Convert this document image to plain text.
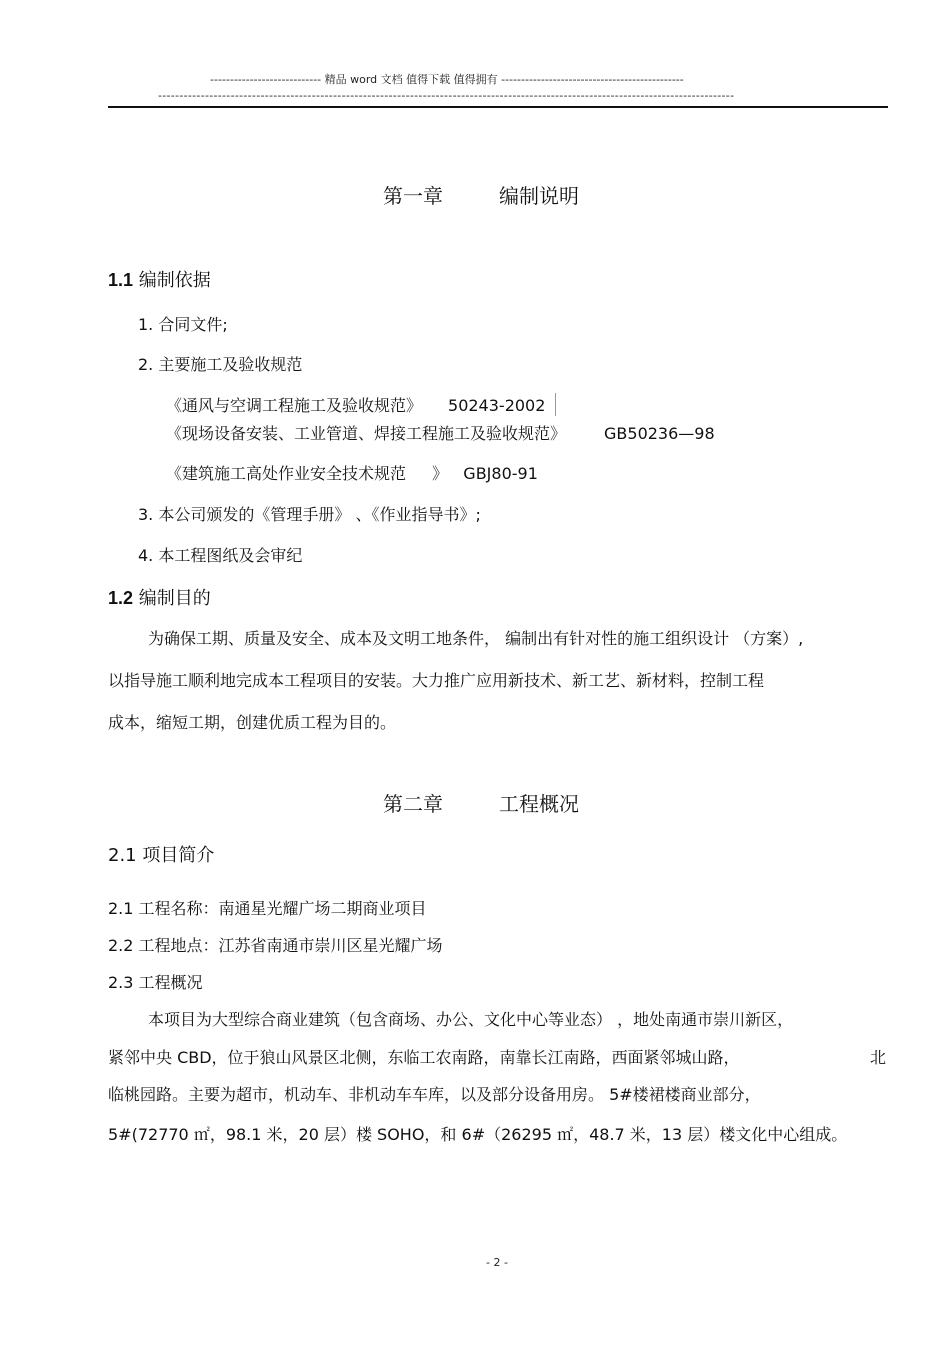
---------------------------- 精品 word 文档 值得下载 值得拥有 ----------------------------------------------
---------------------------------------------------------------------------------------------------------------------------------------
第一章	编制说明
1.1 编制依据
1. 合同文件;
2. 主要施工及验收规范
《通风与空调工程施工及验收规范》 50243-2002
《现场设备安装、工业管道、焊接工程施工及验收规范》 GB50236—98
《建筑施工高处作业安全技术规范 》 GBJ80-91
3. 本公司颁发的《管理手册》 、《作业指导书》;
4. 本工程图纸及会审纪
1.2 编制目的
为确保工期、质量及安全、成本及文明工地条件， 编制出有针对性的施工组织设计 （方案）,
以指导施工顺利地完成本工程项目的安装。大力推广应用新技术、新工艺、新材料，控制工程
成本，缩短工期，创建优质工程为目的。
第二章	工程概况
2.1 项目简介
2.1 工程名称：南通星光耀广场二期商业项目
2.2 工程地点：江苏省南通市崇川区星光耀广场
2.3 工程概况
本项目为大型综合商业建筑（包含商场、办公、文化中心等业态） ，地处南通市崇川新区，
紧邻中央 CBD，位于狼山风景区北侧，东临工农南路，南靠长江南路，西面紧邻城山路，	北
临桃园路。主要为超市，机动车、非机动车车库，以及部分设备用房。 5#楼裙楼商业部分，
5#(72770 ㎡，98.1 米，20 层）楼 SOHO，和 6#（26295 ㎡，48.7 米，13 层）楼文化中心组成。
- 2 -
